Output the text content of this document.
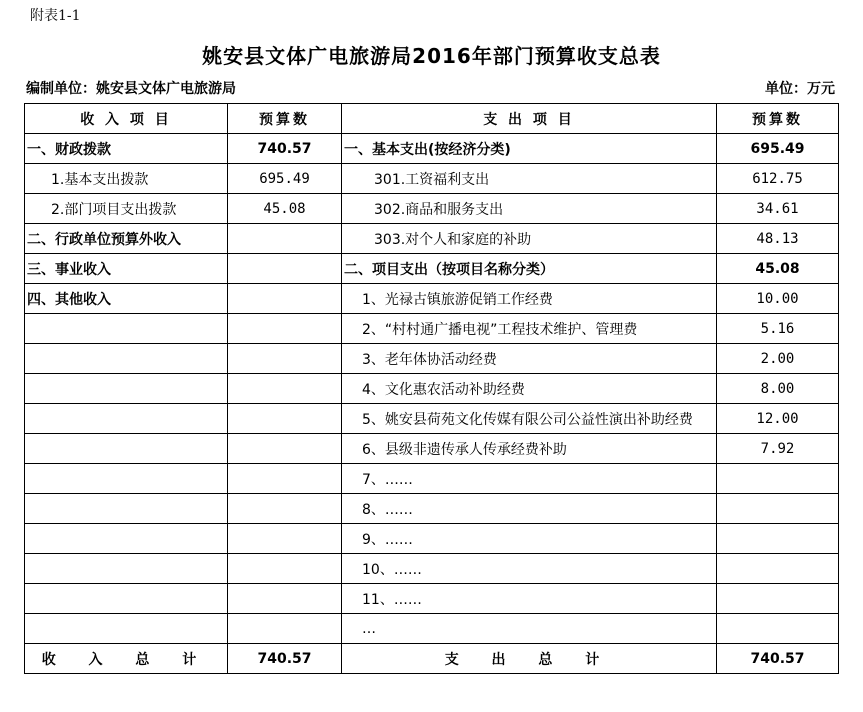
附表1-1
姚安县文体广电旅游局2016年部门预算收支总表
编制单位：姚安县文体广电旅游局	单位：万元
收 入 项 目	预算数	支 出 项 目	预算数
一、财政拨款	740.57	一、基本支出(按经济分类)	695.49
1.基本支出拨款	695.49	301.工资福利支出	612.75
2.部门项目支出拨款	45.08	302.商品和服务支出	34.61
二、行政单位预算外收入		303.对个人和家庭的补助	48.13
三、事业收入		二、项目支出（按项目名称分类）	45.08
四、其他收入		1、光禄古镇旅游促销工作经费	10.00
		2、“村村通广播电视”工程技术维护、管理费	5.16
		3、老年体协活动经费	2.00
		4、文化惠农活动补助经费	8.00
		5、姚安县荷苑文化传媒有限公司公益性演出补助经费	12.00
		6、县级非遗传承人传承经费补助	7.92
		7、……	
		8、……	
		9、……	
		10、……	
		11、……	
		…	
收 入 总 计	740.57	支 出 总 计	740.57
